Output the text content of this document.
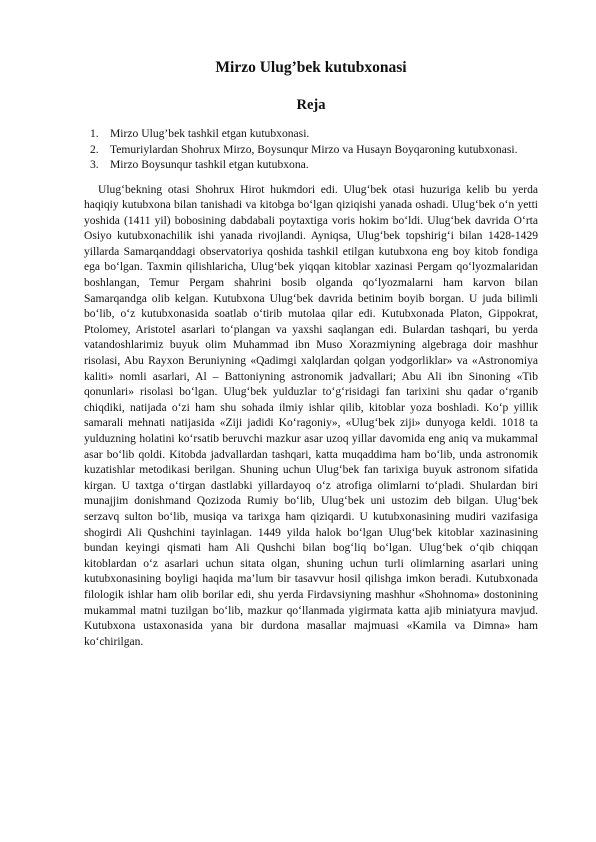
Mirzo Ulug’bek kutubxonasi
Reja
1. Mirzo Ulug’bek tashkil etgan kutubxonasi.
2. Temuriylardan Shohrux Mirzo, Boysunqur Mirzo va Husayn Boyqaroning kutubxonasi.
3. Mirzo Boysunqur tashkil etgan kutubxona.

Ulug‘bekning otasi Shohrux Hirot hukmdori edi. Ulug‘bek otasi huzuriga kelib bu yerda haqiqiy kutubxona bilan tanishadi va kitobga bo‘lgan qiziqishi yanada oshadi. Ulug‘bek o‘n yetti yoshida (1411 yil) bobosining dabdabali poytaxtiga voris hokim bo‘ldi. Ulug‘bek davrida O‘rta Osiyo kutubxonachilik ishi yanada rivojlandi. Ayniqsa, Ulug‘bek topshirig‘i bilan 1428-1429 yillarda Samarqanddagi observatoriya qoshida tashkil etilgan kutubxona eng boy kitob fondiga ega bo‘lgan. Taxmin qilishlaricha, Ulug‘bek yiqqan kitoblar xazinasi Pergam qo‘lyozmalaridan boshlangan, Temur Pergam shahrini bosib olganda qo‘lyozmalarni ham karvon bilan Samarqandga olib kelgan. Kutubxona Ulug‘bek davrida betinim boyib borgan. U juda bilimli bo‘lib, o‘z kutubxonasida soatlab o‘tirib mutolaa qilar edi. Kutubxonada Platon, Gippokrat, Ptolomey, Aristotel asarlari to‘plangan va yaxshi saqlangan edi. Bulardan tashqari, bu yerda vatandoshlarimiz buyuk olim Muhammad ibn Muso Xorazmiyning algebraga doir mashhur risolasi, Abu Rayxon Beruniyning «Qadimgi xalqlardan qolgan yodgorliklar» va «Astronomiya kaliti» nomli asarlari, Al – Battoniyning astronomik jadvallari; Abu Ali ibn Sinoning «Tib qonunlari» risolasi bo‘lgan. Ulug‘bek yulduzlar to‘g‘risidagi fan tarixini shu qadar o‘rganib chiqdiki, natijada o‘zi ham shu sohada ilmiy ishlar qilib, kitoblar yoza boshladi. Ko‘p yillik samarali mehnati natijasida «Ziji jadidi Ko‘ragoniy», «Ulug‘bek ziji» dunyoga keldi. 1018 ta yulduzning holatini ko‘rsatib beruvchi mazkur asar uzoq yillar davomida eng aniq va mukammal asar bo‘lib qoldi. Kitobda jadvallardan tashqari, katta muqaddima ham bo‘lib, unda astronomik kuzatishlar metodikasi berilgan. Shuning uchun Ulug‘bek fan tarixiga buyuk astronom sifatida kirgan. U taxtga o‘tirgan dastlabki yillardayoq o‘z atrofiga olimlarni to‘pladi. Shulardan biri munajjim donishmand Qozizoda Rumiy bo‘lib, Ulug‘bek uni ustozim deb bilgan. Ulug‘bek serzavq sulton bo‘lib, musiqa va tarixga ham qiziqardi. U kutubxonasining mudiri vazifasiga shogirdi Ali Qushchini tayinlagan. 1449 yilda halok bo‘lgan Ulug‘bek kitoblar xazinasining bundan keyingi qismati ham Ali Qushchi bilan bog‘liq bo‘lgan. Ulug‘bek o‘qib chiqqan kitoblardan o‘z asarlari uchun sitata olgan, shuning uchun turli olimlarning asarlari uning kutubxonasining boyligi haqida ma’lum bir tasavvur hosil qilishga imkon beradi. Kutubxonada filologik ishlar ham olib borilar edi, shu yerda Firdavsiyning mashhur «Shohnoma» dostonining mukammal matni tuzilgan bo‘lib, mazkur qo‘llanmada yigirmata katta ajib miniatyura mavjud. Kutubxona ustaxonasida yana bir durdona masallar majmuasi «Kamila va Dimna» ham ko‘chirilgan.
